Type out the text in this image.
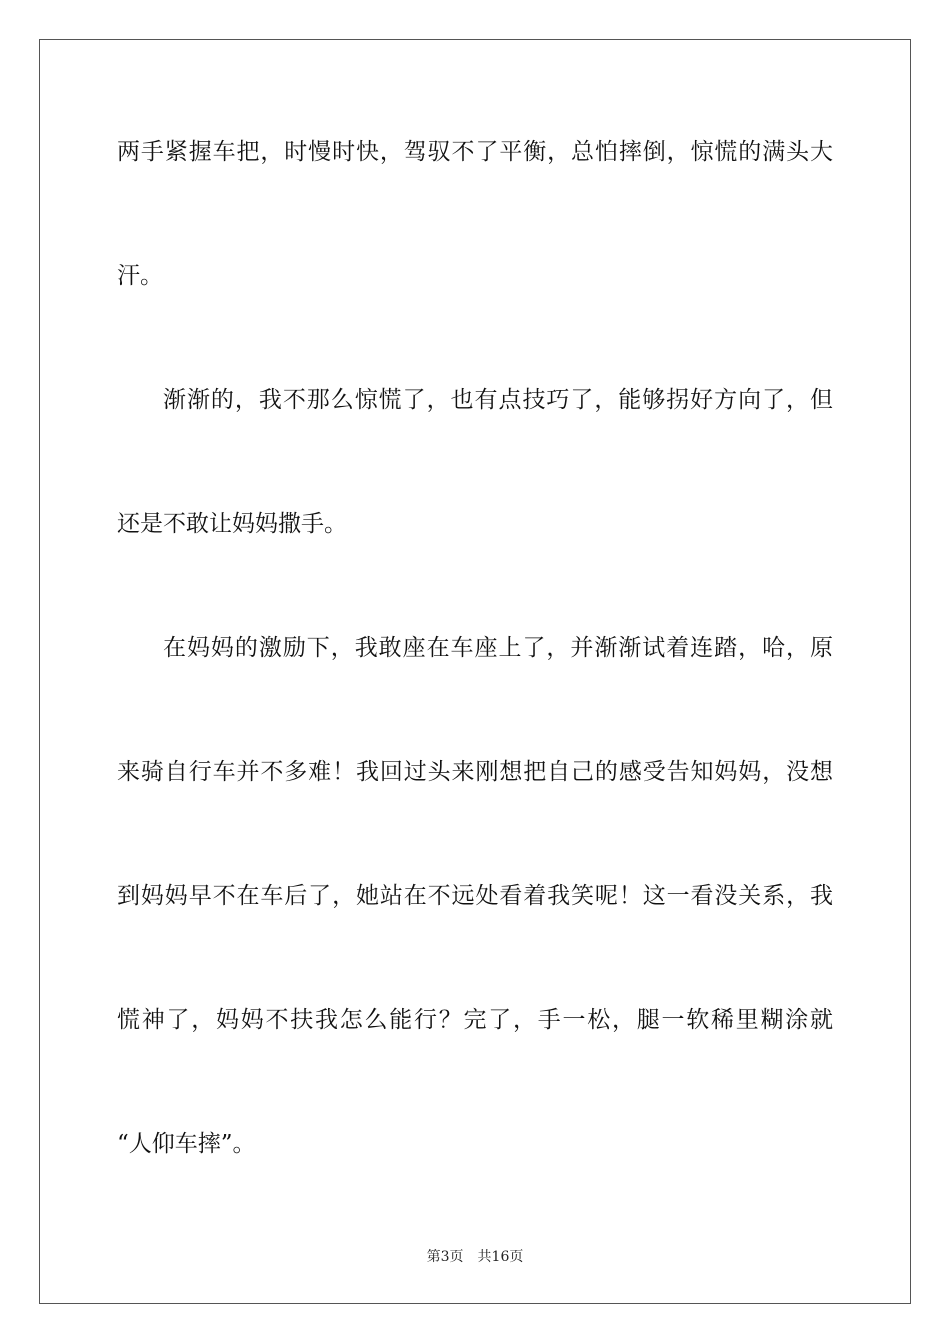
两手紧握车把，时慢时快，驾驭不了平衡，总怕摔倒，惊慌的满头大
汗。
渐渐的，我不那么惊慌了，也有点技巧了，能够拐好方向了，但
还是不敢让妈妈撒手。
在妈妈的激励下，我敢座在车座上了，并渐渐试着连踏，哈，原
来骑自行车并不多难！我回过头来刚想把自己的感受告知妈妈，没想
到妈妈早不在车后了，她站在不远处看着我笑呢！这一看没关系，我
慌神了，妈妈不扶我怎么能行？完了，手一松，腿一软稀里糊涂就
“人仰车摔”。
第3页 共16页
